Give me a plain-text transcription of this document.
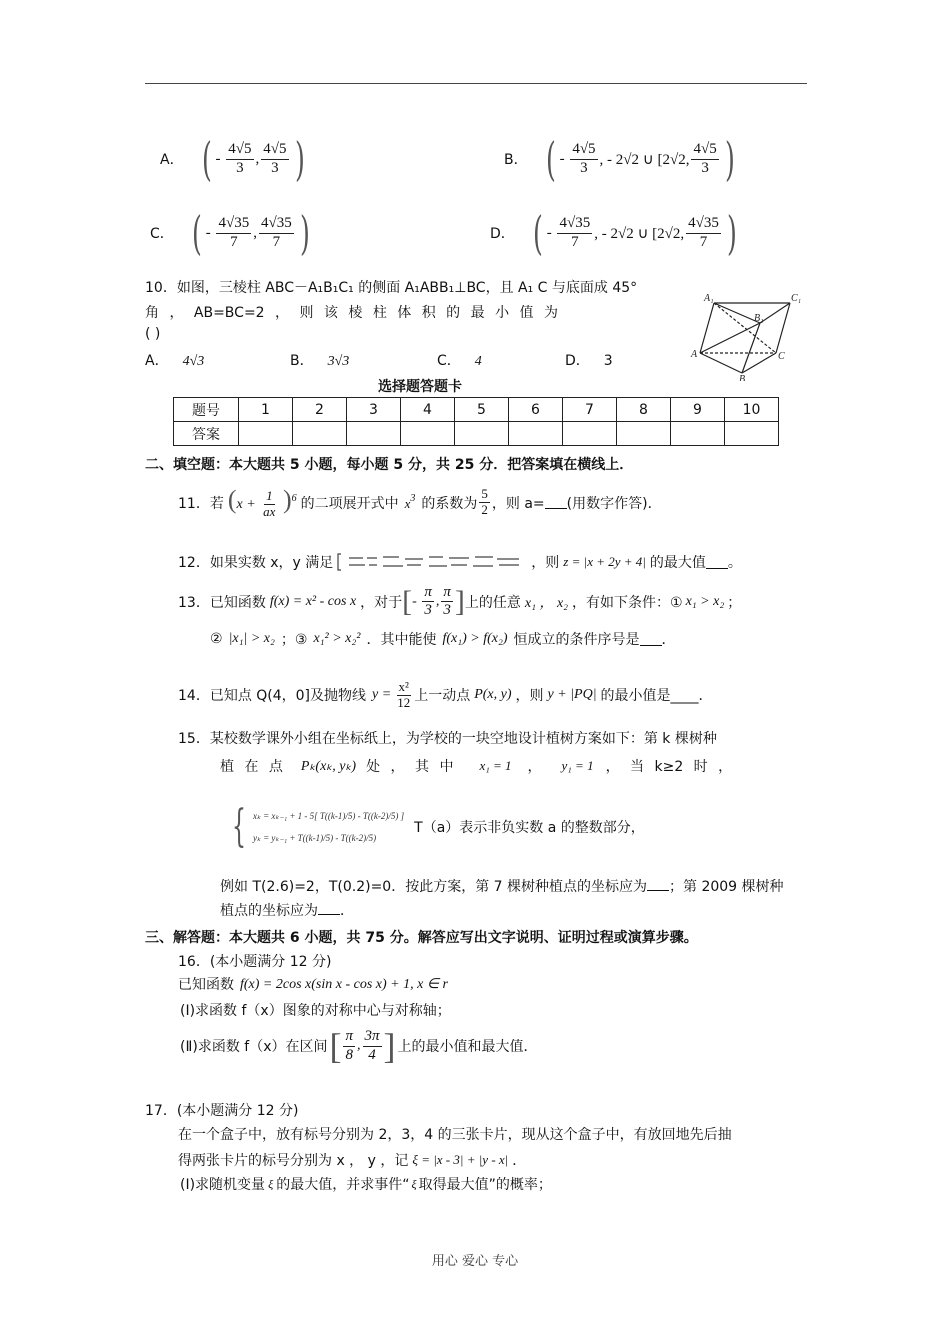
A． ( - $\frac{4√5}{3}$ , $\frac{4√5}{3}$ )	B． ( - $\frac{4√5}{3}$ , - 2√2 ∪ [2√2, $\frac{4√5}{3}$ )
C． ( - $\frac{4√35}{7}$ , $\frac{4√35}{7}$ )	D． ( - $\frac{4√35}{7}$ , - 2√2 ∪ [2√2, $\frac{4√35}{7}$ )
10．如图，三棱柱 ABC－A₁B₁C₁ 的侧面 A₁ABB₁⊥BC，且 A₁ C 与底面成 45°
角 ， AB=BC=2 ， 则 该 棱 柱 体 积 的 最 小 值 为
( )
A． 4√3	B． 3√3	C． 4	D． 3
A₁	C₁
B₁
A	C
B
选择题答题卡
题号	1	2	3	4	5	6	7	8	9	10
答案										
二、填空题：本大题共 5 小题，每小题 5 分，共 25 分．把答案填在横线上．
11．若 $(x + \frac{1}{ax} )^6$ 的二项展开式中 $x^3$ 的系数为 $\frac{5}{2}$ ，则 a= (用数字作答)．
12．如果实数 x，y 满足	，则 z = |x + 2y + 4| 的最大值 。
13．已知函数 f(x) = x² - cos x ，对于 [ - $\frac{\pi}{3}$ , $\frac{\pi}{3}$ ] 上的任意 x₁ ， x₂ ，有如下条件：① x₁ > x₂ ；
② |x₁| > x₂ ；③ x₁² > x₂² ．其中能使 f(x₁) > f(x₂) 恒成立的条件序号是 ．
14．已知点 Q(4，0]及抛物线 $y = \frac{\text{x²}}{12}$ 上一动点 P(x, y) ，则 y + |PQ| 的最小值是____．
15．某校数学课外小组在坐标纸上，为学校的一块空地设计植树方案如下：第 k 棵树种
植 在 点 Pₖ(xₖ, yₖ) 处 ， 其 中 x₁ = 1 ， y₁ = 1 ， 当 k≥2 时 ，
{ xₖ = xₖ₋₁ + 1 - 5[ T((k-1)/5) - T((k-2)/5) ]
yₖ = yₖ₋₁ + T((k-1)/5) - T((k-2)/5)
T（a）表示非负实数 a 的整数部分，
例如 T(2.6)=2，T(0.2)=0．按此方案，第 7 棵树种植点的坐标应为 ；第 2009 棵树种
植点的坐标应为 ．
三、解答题：本大题共 6 小题，共 75 分。解答应写出文字说明、证明过程或演算步骤。
16．(本小题满分 12 分)
已知函数 f(x) = 2cos x(sin x - cos x) + 1, x ∈ r
(Ⅰ)求函数 f（x）图象的对称中心与对称轴；
(Ⅱ)求函数 f（x）在区间 [ $\frac{\pi}{8}$ , $\frac{3\pi}{4}$ ] 上的最小值和最大值．
17．(本小题满分 12 分)
在一个盒子中，放有标号分别为 2，3，4 的三张卡片，现从这个盒子中，有放回地先后抽
得两张卡片的标号分别为 x ， y ，记 ξ = |x - 3| + |y - x| ．
(Ⅰ)求随机变量 ξ 的最大值，并求事件“ ξ 取得最大值”的概率；
用心 爱心 专心
